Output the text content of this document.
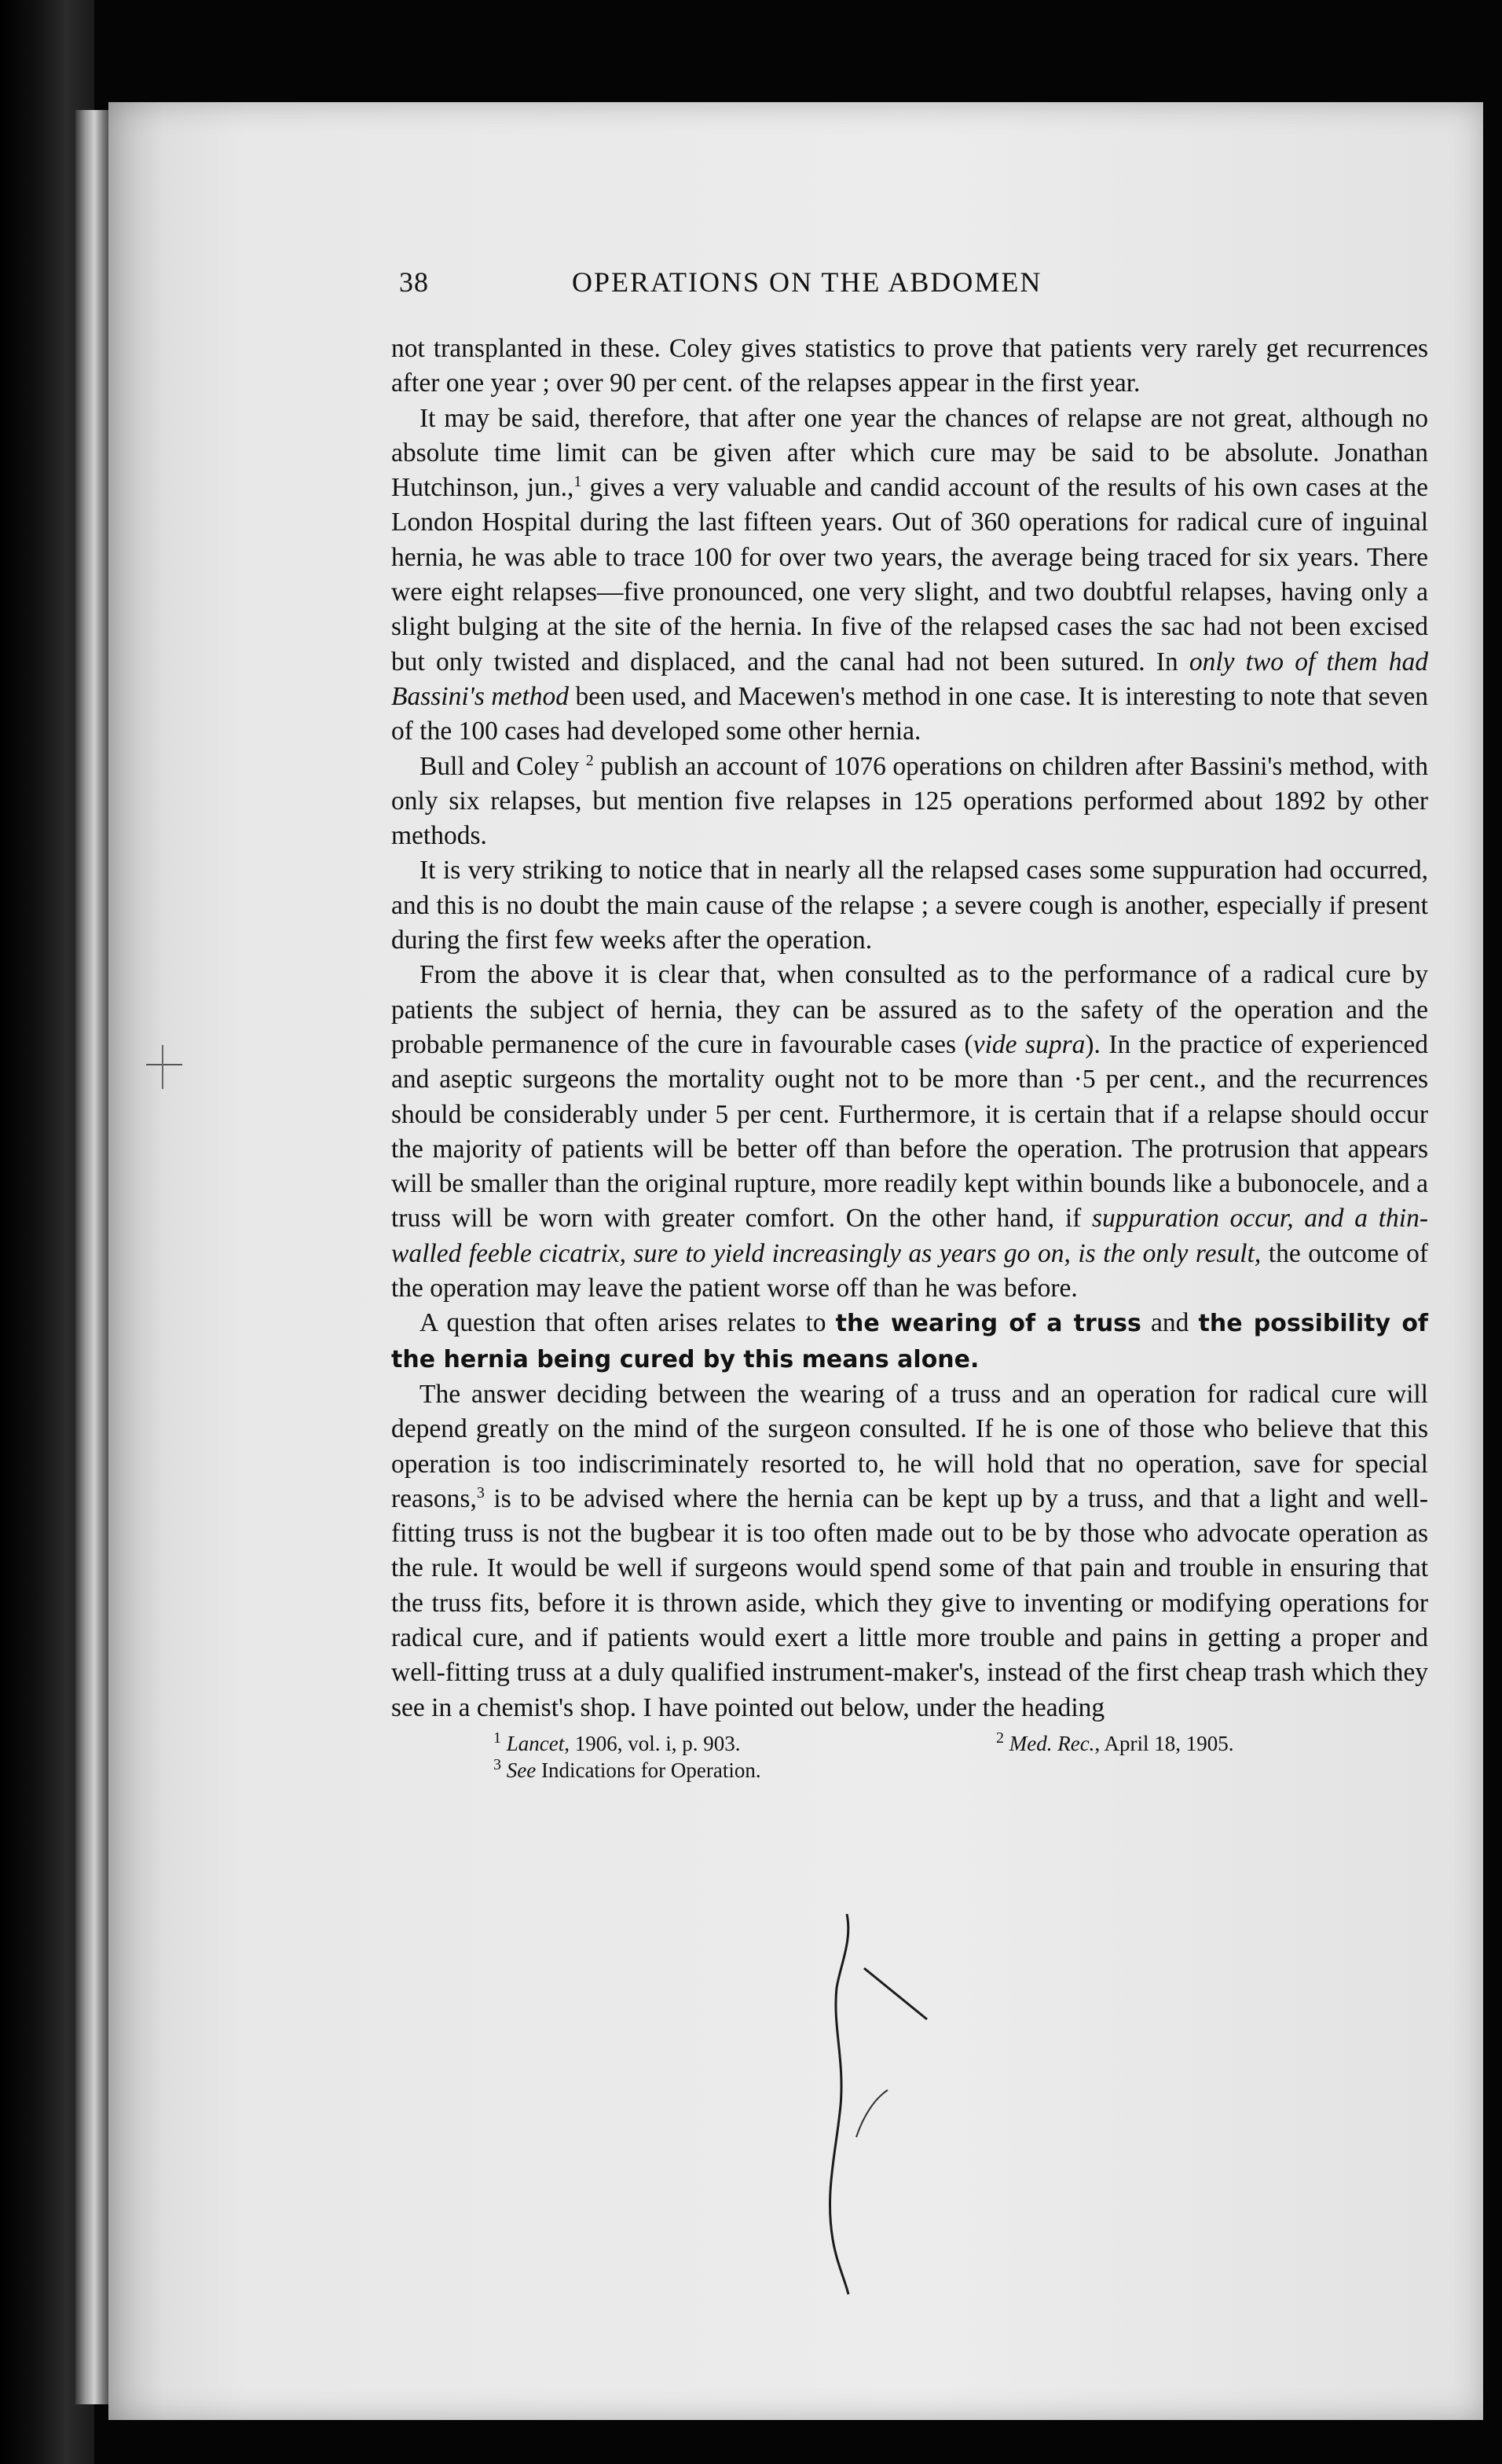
38	OPERATIONS ON THE ABDOMEN

not transplanted in these. Coley gives statistics to prove that patients very rarely get recurrences after one year ; over 90 per cent. of the relapses appear in the first year.

It may be said, therefore, that after one year the chances of relapse are not great, although no absolute time limit can be given after which cure may be said to be absolute. Jonathan Hutchinson, jun.,$^1$ gives a very valuable and candid account of the results of his own cases at the London Hospital during the last fifteen years. Out of 360 operations for radical cure of inguinal hernia, he was able to trace 100 for over two years, the average being traced for six years. There were eight relapses—five pronounced, one very slight, and two doubtful relapses, having only a slight bulging at the site of the hernia. In five of the relapsed cases the sac had not been excised but only twisted and displaced, and the canal had not been sutured. In only two of them had Bassini's method been used, and Macewen's method in one case. It is interesting to note that seven of the 100 cases had developed some other hernia.

Bull and Coley $^2$ publish an account of 1076 operations on children after Bassini's method, with only six relapses, but mention five relapses in 125 operations performed about 1892 by other methods.

It is very striking to notice that in nearly all the relapsed cases some suppuration had occurred, and this is no doubt the main cause of the relapse ; a severe cough is another, especially if present during the first few weeks after the operation.

From the above it is clear that, when consulted as to the performance of a radical cure by patients the subject of hernia, they can be assured as to the safety of the operation and the probable permanence of the cure in favourable cases (vide supra). In the practice of experienced and aseptic surgeons the mortality ought not to be more than ·5 per cent., and the recurrences should be considerably under 5 per cent. Furthermore, it is certain that if a relapse should occur the majority of patients will be better off than before the operation. The protrusion that appears will be smaller than the original rupture, more readily kept within bounds like a bubonocele, and a truss will be worn with greater comfort. On the other hand, if suppuration occur, and a thin-walled feeble cicatrix, sure to yield increasingly as years go on, is the only result, the outcome of the operation may leave the patient worse off than he was before.

A question that often arises relates to the wearing of a truss and the possibility of the hernia being cured by this means alone.

The answer deciding between the wearing of a truss and an operation for radical cure will depend greatly on the mind of the surgeon consulted. If he is one of those who believe that this operation is too indiscriminately resorted to, he will hold that no operation, save for special reasons,$^3$ is to be advised where the hernia can be kept up by a truss, and that a light and well-fitting truss is not the bugbear it is too often made out to be by those who advocate operation as the rule. It would be well if surgeons would spend some of that pain and trouble in ensuring that the truss fits, before it is thrown aside, which they give to inventing or modifying operations for radical cure, and if patients would exert a little more trouble and pains in getting a proper and well-fitting truss at a duly qualified instrument-maker's, instead of the first cheap trash which they see in a chemist's shop. I have pointed out below, under the heading

$^1$ Lancet, 1906, vol. i, p. 903.	$^2$ Med. Rec., April 18, 1905.
$^3$ See Indications for Operation.
